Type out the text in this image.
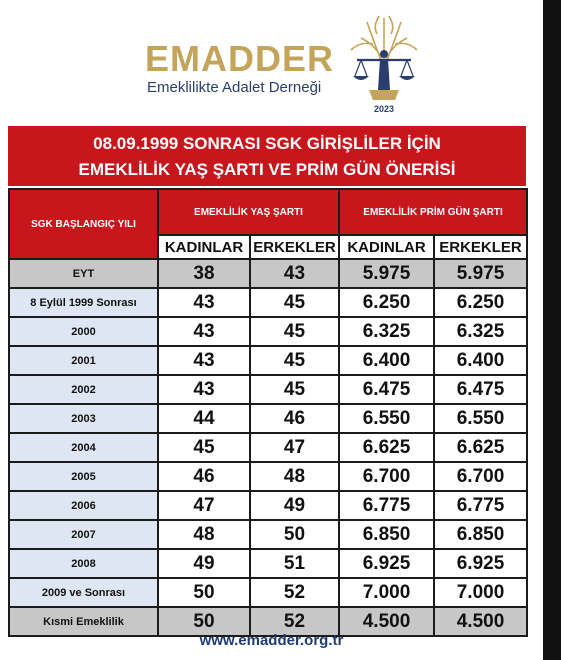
EMADDER
Emeklilikte Adalet Derneği
2023
08.09.1999 SONRASI SGK GİRİŞLİLER İÇİN
EMEKLİLİK YAŞ ŞARTI VE PRİM GÜN ÖNERİSİ
SGK BAŞLANGIÇ YILI	EMEKLİLİK YAŞ ŞARTI		EMEKLİLİK PRİM GÜN ŞARTI	
	KADINLAR	ERKEKLER	KADINLAR	ERKEKLER
EYT	38	43	5.975	5.975
8 Eylül 1999 Sonrası	43	45	6.250	6.250
2000	43	45	6.325	6.325
2001	43	45	6.400	6.400
2002	43	45	6.475	6.475
2003	44	46	6.550	6.550
2004	45	47	6.625	6.625
2005	46	48	6.700	6.700
2006	47	49	6.775	6.775
2007	48	50	6.850	6.850
2008	49	51	6.925	6.925
2009 ve Sonrası	50	52	7.000	7.000
Kısmi Emeklilik	50	52	4.500	4.500
www.emadder.org.tr
